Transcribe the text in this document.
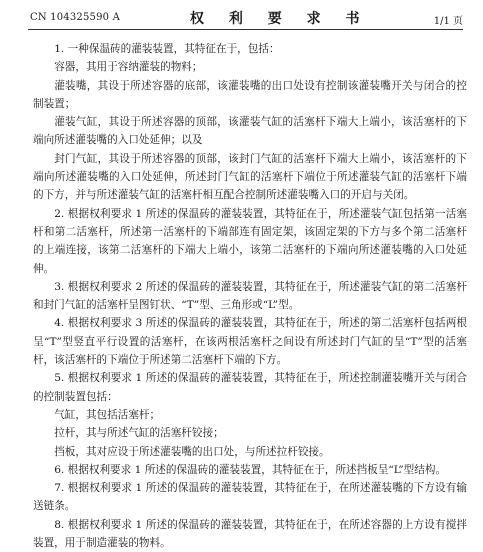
CN 104325590 A	权 利 要 求 书	1/1 页

1. 一种保温砖的灌装装置，其特征在于，包括：

容器，其用于容纳灌装的物料；

灌装嘴，其设于所述容器的底部，该灌装嘴的出口处设有控制该灌装嘴开关与闭合的控制装置；

灌装气缸，其设于所述容器的顶部，该灌装气缸的活塞杆下端大上端小，该活塞杆的下端向所述灌装嘴的入口处延伸；以及

封门气缸，其设于所述容器的顶部，该封门气缸的活塞杆下端大上端小，该活塞杆的下端向所述灌装嘴的入口处延伸，所述封门气缸的活塞杆下端位于所述灌装气缸的活塞杆下端的下方，并与所述灌装气缸的活塞杆相互配合控制所述灌装嘴入口的开启与关闭。

2. 根据权利要求 1 所述的保温砖的灌装装置，其特征在于，所述灌装气缸包括第一活塞杆和第二活塞杆，所述第一活塞杆的下端部连有固定架，该固定架的下方与多个第二活塞杆的上端连接，该第二活塞杆的下端大上端小，该第二活塞杆的下端向所述灌装嘴的入口处延伸。

3. 根据权利要求 2 所述的保温砖的灌装装置，其特征在于，所述灌装气缸的第二活塞杆和封门气缸的活塞杆呈图钉状、“T”型、三角形或“L”型。

4. 根据权利要求 3 所述的保温砖的灌装装置，其特征在于，所述的第二活塞杆包括两根呈“T”型竖直平行设置的活塞杆，在该两根活塞杆之间设有所述封门气缸的呈“T”型的活塞杆，该活塞杆的下端位于所述第二活塞杆下端的下方。

5. 根据权利要求 1 所述的保温砖的灌装装置，其特征在于，所述控制灌装嘴开关与闭合的控制装置包括：

气缸，其包括活塞杆；

拉杆，其与所述气缸的活塞杆铰接；

挡板，其对应设于所述灌装嘴的出口处，与所述拉杆铰接。

6. 根据权利要求 1 所述的保温砖的灌装装置，其特征在于，所述挡板呈“L”型结构。

7. 根据权利要求 1 所述的保温砖的灌装装置，其特征在于，在所述灌装嘴的下方设有输送链条。

8. 根据权利要求 1 所述的保温砖的灌装装置，其特征在于，在所述容器的上方设有搅拌装置，用于制造灌装的物料。
